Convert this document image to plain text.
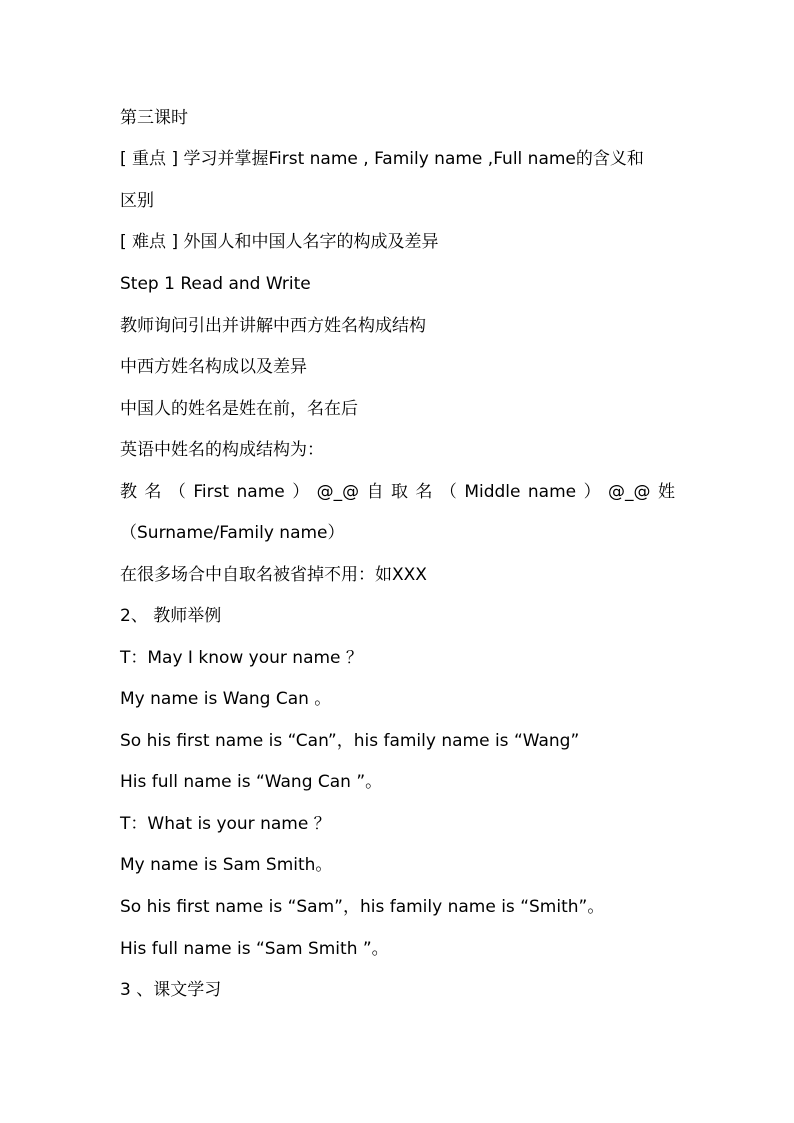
第三课时
[ 重点 ] 学习并掌握First name , Family name ,Full name的含义和
区别
[ 难点 ] 外国人和中国人名字的构成及差异
Step 1 Read and Write
教师询问引出并讲解中西方姓名构成结构
中西方姓名构成以及差异
中国人的姓名是姓在前，名在后
英语中姓名的构成结构为：
教 名 （ First name ） @_@ 自 取 名 （ Middle name ） @_@ 姓
（Surname/Family name）
在很多场合中自取名被省掉不用：如XXX
2、 教师举例
T：May I know your name ？
My name is Wang Can 。
So his first name is “Can”，his family name is “Wang”
His full name is “Wang Can ”。
T：What is your name ？
My name is Sam Smith。
So his first name is “Sam”，his family name is “Smith”。
His full name is “Sam Smith ”。
3 、课文学习
